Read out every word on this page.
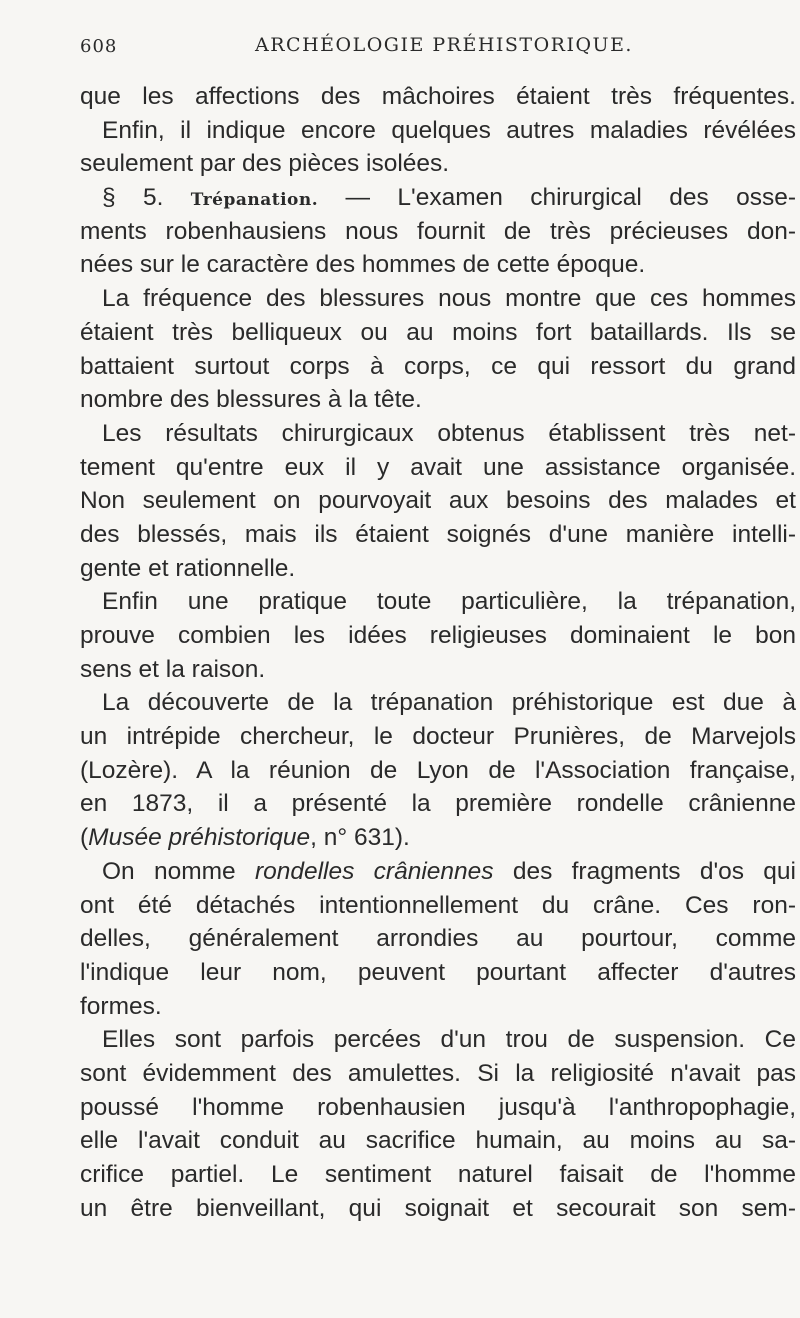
608	ARCHÉOLOGIE PRÉHISTORIQUE.
que les affections des mâchoires étaient très fréquentes.
Enfin, il indique encore quelques autres maladies révélées
seulement par des pièces isolées.
§ 5. Trépanation. — L'examen chirurgical des osse-
ments robenhausiens nous fournit de très précieuses don-
nées sur le caractère des hommes de cette époque.
La fréquence des blessures nous montre que ces hommes
étaient très belliqueux ou au moins fort bataillards. Ils se
battaient surtout corps à corps, ce qui ressort du grand
nombre des blessures à la tête.
Les résultats chirurgicaux obtenus établissent très net-
tement qu'entre eux il y avait une assistance organisée.
Non seulement on pourvoyait aux besoins des malades et
des blessés, mais ils étaient soignés d'une manière intelli-
gente et rationnelle.
Enfin une pratique toute particulière, la trépanation,
prouve combien les idées religieuses dominaient le bon
sens et la raison.
La découverte de la trépanation préhistorique est due à
un intrépide chercheur, le docteur Prunières, de Marvejols
(Lozère). A la réunion de Lyon de l'Association française,
en 1873, il a présenté la première rondelle crânienne
(Musée préhistorique, n° 631).
On nomme rondelles crâniennes des fragments d'os qui
ont été détachés intentionnellement du crâne. Ces ron-
delles, généralement arrondies au pourtour, comme
l'indique leur nom, peuvent pourtant affecter d'autres
formes.
Elles sont parfois percées d'un trou de suspension. Ce
sont évidemment des amulettes. Si la religiosité n'avait pas
poussé l'homme robenhausien jusqu'à l'anthropophagie,
elle l'avait conduit au sacrifice humain, au moins au sa-
crifice partiel. Le sentiment naturel faisait de l'homme
un être bienveillant, qui soignait et secourait son sem-
